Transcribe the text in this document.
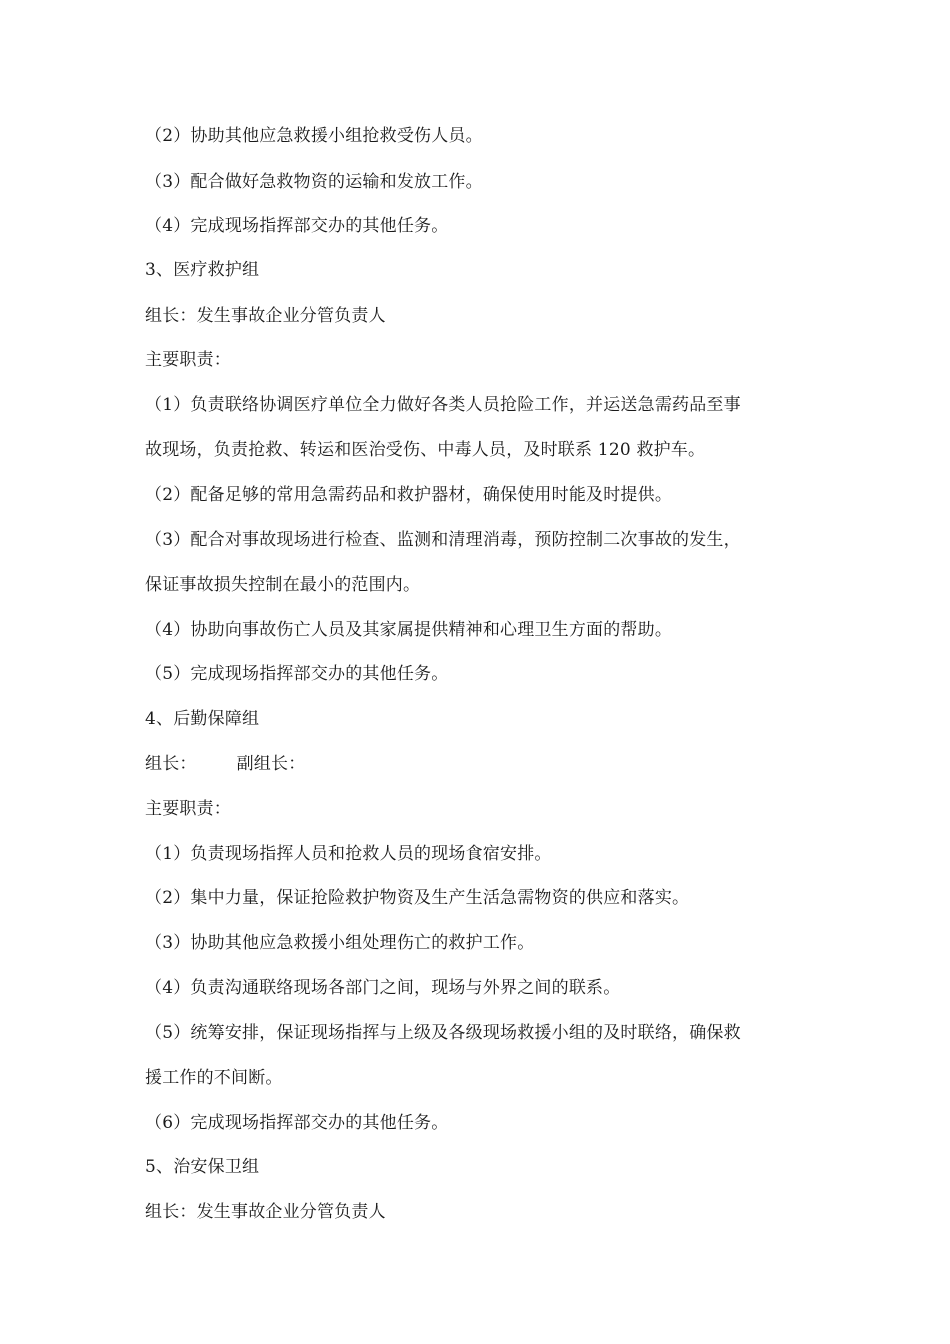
（2）协助其他应急救援小组抢救受伤人员。
（3）配合做好急救物资的运输和发放工作。
（4）完成现场指挥部交办的其他任务。
3、医疗救护组
组长：发生事故企业分管负责人
主要职责：
（1）负责联络协调医疗单位全力做好各类人员抢险工作，并运送急需药品至事
故现场，负责抢救、转运和医治受伤、中毒人员，及时联系 120 救护车。
（2）配备足够的常用急需药品和救护器材，确保使用时能及时提供。
（3）配合对事故现场进行检查、监测和清理消毒，预防控制二次事故的发生，
保证事故损失控制在最小的范围内。
（4）协助向事故伤亡人员及其家属提供精神和心理卫生方面的帮助。
（5）完成现场指挥部交办的其他任务。
4、后勤保障组
组长： 副组长：
主要职责：
（1）负责现场指挥人员和抢救人员的现场食宿安排。
（2）集中力量，保证抢险救护物资及生产生活急需物资的供应和落实。
（3）协助其他应急救援小组处理伤亡的救护工作。
（4）负责沟通联络现场各部门之间，现场与外界之间的联系。
（5）统筹安排，保证现场指挥与上级及各级现场救援小组的及时联络，确保救
援工作的不间断。
（6）完成现场指挥部交办的其他任务。
5、治安保卫组
组长：发生事故企业分管负责人
